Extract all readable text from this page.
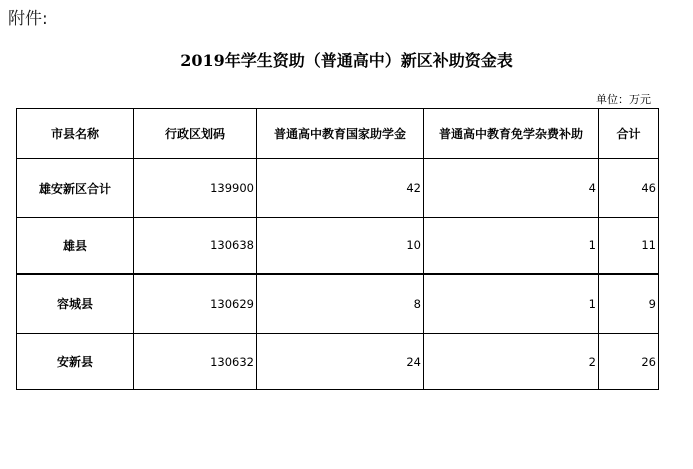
附件:
2019年学生资助（普通高中）新区补助资金表
单位：万元
市县名称	行政区划码	普通高中教育国家助学金	普通高中教育免学杂费补助	合计
雄安新区合计	139900	42	4	46
雄县	130638	10	1	11
容城县	130629	8	1	9
安新县	130632	24	2	26
